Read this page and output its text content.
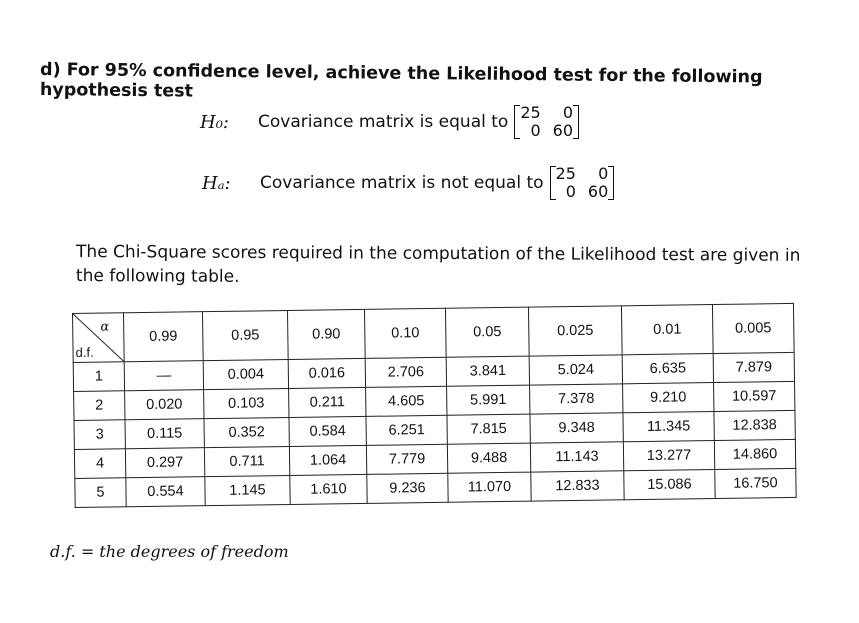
d) For 95% confidence level, achieve the Likelihood test for the following hypothesis test
H₀:	Covariance matrix is equal to 25	0
0 60
Hₐ:	Covariance matrix is not equal to 25	0
0 60
The Chi-Square scores required in the computation of the Likelihood test are given in the following table.
α
d.f.	0.99	0.95	0.90	0.10	0.05	0.025	0.01	0.005
1	—	0.004	0.016	2.706	3.841	5.024	6.635	7.879
2	0.020	0.103	0.211	4.605	5.991	7.378	9.210	10.597
3	0.115	0.352	0.584	6.251	7.815	9.348	11.345	12.838
4	0.297	0.711	1.064	7.779	9.488	11.143	13.277	14.860
5	0.554	1.145	1.610	9.236	11.070	12.833	15.086	16.750
d.f. = the degrees of freedom
